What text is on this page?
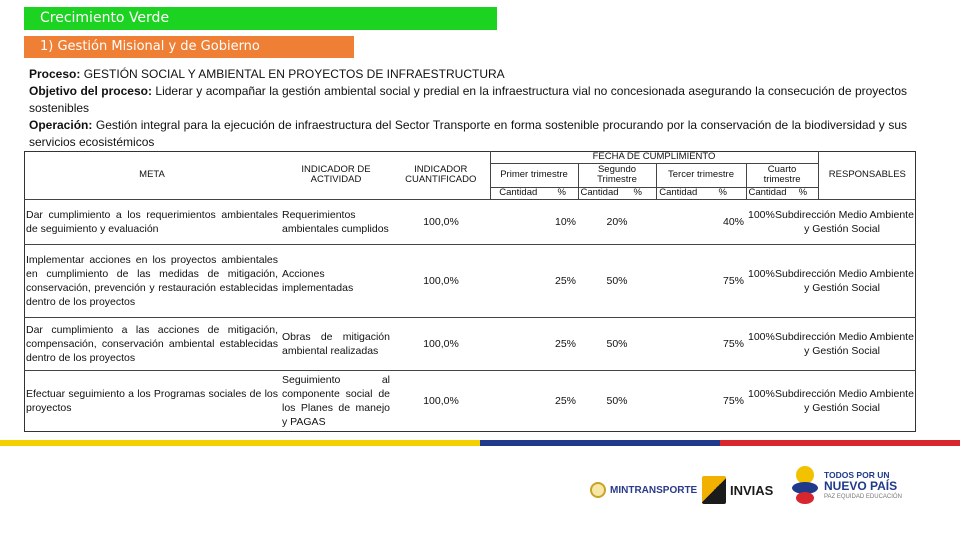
Crecimiento Verde
1) Gestión Misional y de Gobierno

Proceso: GESTIÓN SOCIAL Y AMBIENTAL EN PROYECTOS DE INFRAESTRUCTURA

Objetivo del proceso: Liderar y acompañar la gestión ambiental social y predial en la infraestructura vial no concesionada asegurando la consecución de proyectos sostenibles

Operación: Gestión integral para la ejecución de infraestructura del Sector Transporte en forma sostenible procurando por la conservación de la biodiversidad y sus servicios ecosistémicos

META	INDICADOR DE ACTIVIDAD	INDICADOR CUANTIFICADO	FECHA DE CUMPLIMIENTO								RESPONSABLES
			Primer trimestre		Segundo Trimestre		Tercer trimestre		Cuarto trimestre		
			Cantidad	%	Cantidad	%	Cantidad	%	Cantidad	%	
Dar cumplimiento a los requerimientos ambientales de seguimiento y evaluación	Requerimientos ambientales cumplidos	100,0%	10%		20%		40%		100% Subdirección Medio Ambiente y Gestión Social		

Implementar acciones en los proyectos ambientales en cumplimiento de las medidas de mitigación, conservación, prevención y restauración establecidas dentro de los proyectos	Acciones implementadas	100,0%	25%		50%		75%		100% Subdirección Medio Ambiente y Gestión Social		

Dar cumplimiento a las acciones de mitigación, compensación, conservación ambiental establecidas dentro de los proyectos	Obras de mitigación ambiental realizadas	100,0%	25%		50%		75%		100% Subdirección Medio Ambiente y Gestión Social		

Efectuar seguimiento a los Programas sociales de los proyectos	Seguimiento al componente social de los Planes de manejo y PAGAS	100,0%	25%		50%		75%		100% Subdirección Medio Ambiente y Gestión Social		
MINTRANSPORTE	INVIAS
TODOS POR UN
NUEVO PAÍS
PAZ EQUIDAD EDUCACIÓN
